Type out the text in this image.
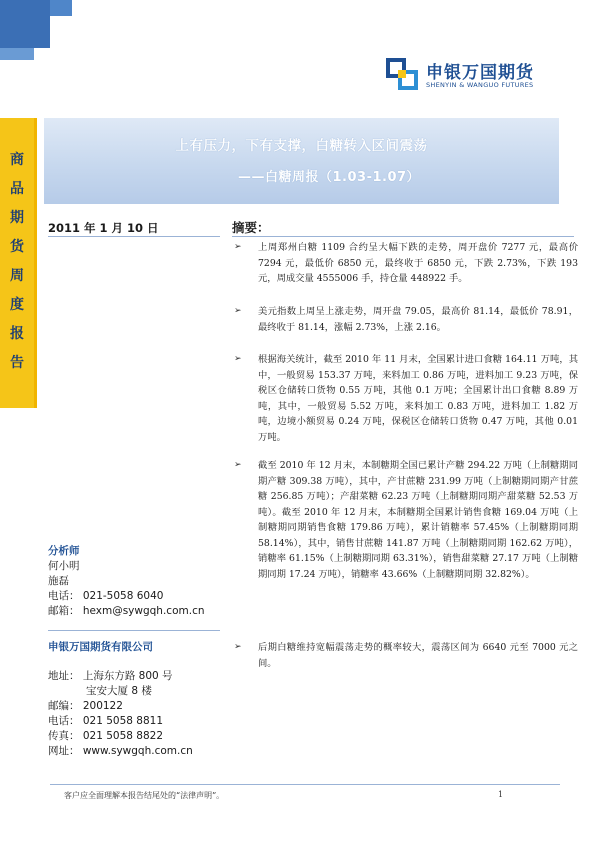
申银万国期货
SHENYIN & WANGUO FUTURES
商
品
期
货
周
度
报
告
上有压力，下有支撑，白糖转入区间震荡
——白糖周报（1.03-1.07）
2011 年 1 月 10 日	摘要：
➢ 上周郑州白糖 1109 合约呈大幅下跌的走势，周开盘价 7277 元，最高价 7294 元，最低价 6850 元，最终收于 6850 元，下跌 2.73%，下跌 193 元，周成交量 4555006 手，持仓量 448922 手。
➢ 美元指数上周呈上涨走势，周开盘 79.05，最高价 81.14，最低价 78.91，最终收于 81.14，涨幅 2.73%，上涨 2.16。
➢ 根据海关统计，截至 2010 年 11 月末，全国累计进口食糖 164.11 万吨，其中，一般贸易 153.37 万吨，来料加工 0.86 万吨，进料加工 9.23 万吨，保税区仓储转口货物 0.55 万吨，其他 0.1 万吨；全国累计出口食糖 8.89 万吨，其中，一般贸易 5.52 万吨，来料加工 0.83 万吨，进料加工 1.82 万吨，边境小额贸易 0.24 万吨，保税区仓储转口货物 0.47 万吨，其他 0.01 万吨。
➢ 截至 2010 年 12 月末，本制糖期全国已累计产糖 294.22 万吨（上制糖期同期产糖 309.38 万吨），其中，产甘蔗糖 231.99 万吨（上制糖期同期产甘蔗糖 256.85 万吨）；产甜菜糖 62.23 万吨（上制糖期同期产甜菜糖 52.53 万吨）。截至 2010 年 12 月末，本制糖期全国累计销售食糖 169.04 万吨（上制糖期同期销售食糖 179.86 万吨），累计销糖率 57.45%（上制糖期同期 58.14%），其中，销售甘蔗糖 141.87 万吨（上制糖期同期 162.62 万吨），销糖率 61.15%（上制糖期同期 63.31%），销售甜菜糖 27.17 万吨（上制糖期同期 17.24 万吨），销糖率 43.66%（上制糖期同期 32.82%）。
➢ 后期白糖维持宽幅震荡走势的概率较大，震荡区间为 6640 元至 7000 元之间。
分析师
何小明
施磊
电话： 021-5058 6040
邮箱： hexm@sywgqh.com.cn
申银万国期货有限公司
地址： 上海东方路 800 号
宝安大厦 8 楼
邮编： 200122
电话： 021 5058 8811
传真： 021 5058 8822
网址： www.sywgqh.com.cn
客户应全面理解本报告结尾处的“法律声明”。	1
